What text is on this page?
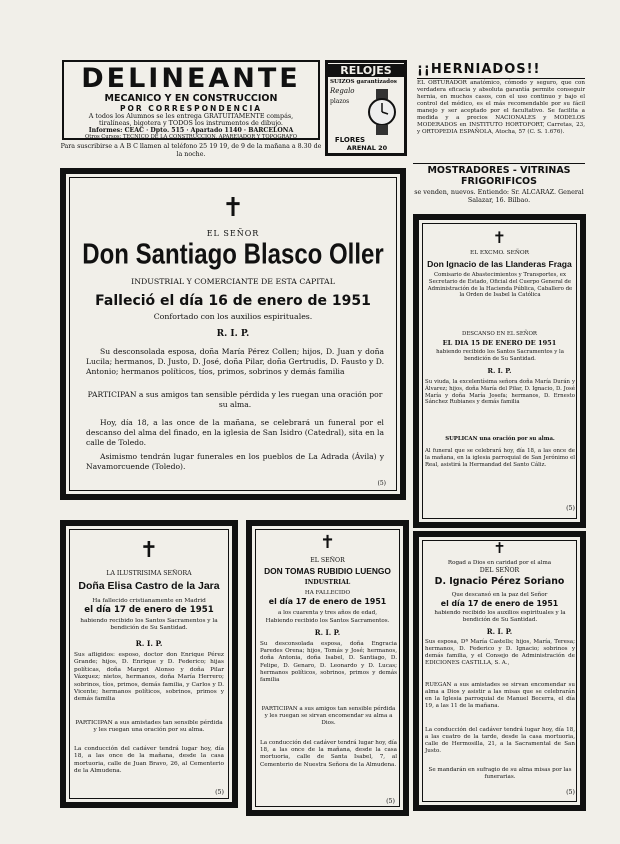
DELINEANTE
MECANICO Y EN CONSTRUCCION
POR CORRESPONDENCIA
A todos los Alumnos se les entrega GRATUITAMENTE compás,
tiralíneas, bigotera y TODOS los instrumentos de dibujo.
Informes: CEAC · Dpto. 515 · Apartado 1140 · BARCELONA
Otros Cursos: TECNICO DE LA CONSTRUCCION, APAREJADOR Y TOPOGRAFO
RELOJES
SUIZOS garantizados
Regalo
plazos
FLORES
ARENAL 20
¡¡HERNIADOS!!
EL OBTURADOR anatómico, cómodo y seguro, que con verdadera eficacia y absoluta garantía permite conseguir hernia, en muchos casos, con el uso continuo y bajo el control del médico, es el más recomendable por su fácil manejo y ser aceptado por el facultativo. Se facilita a medida y a precios NACIONALES y MODELOS MODERADOS en INSTITUTO HORTOFORT, Carretas, 23, y ORTOPEDIA ESPAÑOLA, Atocha, 57 (C. S. 1.676).
Para suscribirse a A B C llamen al teléfono 25 19 19, de 9 de la mañana a 8.30 de la noche.
MOSTRADORES - VITRINAS
FRIGORIFICOS
se venden, nuevos. Entiendo: Sr. ALCARAZ. General Salazar, 16. Bilbao.
✝
EL SEÑOR
Don Santiago Blasco Oller
INDUSTRIAL Y COMERCIANTE DE ESTA CAPITAL
Falleció el día 16 de enero de 1951
Confortado con los auxilios espirituales.
R. I. P.
Su desconsolada esposa, doña María Pérez Collen; hijos, D. Juan y doña Lucila; hermanos, D. Justo, D. José, doña Pilar, doña Gertrudis, D. Fausto y D. Antonio; hermanos políticos, tíos, primos, sobrinos y demás familia
PARTICIPAN a sus amigos tan sensible pérdida y les ruegan una oración por su alma.
Hoy, día 18, a las once de la mañana, se celebrará un funeral por el descanso del alma del finado, en la iglesia de San Isidro (Catedral), sita en la calle de Toledo.
Asimismo tendrán lugar funerales en los pueblos de La Adrada (Ávila) y Navamorcuende (Toledo).
(5)
✝
EL EXCMO. SEÑOR
Don Ignacio de las Llanderas Fraga
Comisario de Abastecimientos y Transportes, ex Secretario de Estado, Oficial del Cuerpo General de Administración de la Hacienda Pública, Caballero de la Orden de Isabel la Católica
DESCANSO EN EL SEÑOR
EL DIA 15 DE ENERO DE 1951
habiendo recibido los Santos Sacramentos y la bendición de Su Santidad.
R. I. P.
Su viuda, la excelentísima señora doña María Durán y Álvarez; hijos, doña María del Pilar, D. Ignacio, D. José María y doña María Josefa; hermanos, D. Ernesto Sánchez Rubianes y demás familia
SUPLICAN una oración por su alma.
Al funeral que se celebrará hoy, día 18, a las once de la mañana, en la iglesia parroquial de San Jerónimo el Real, asistirá la Hermandad del Santo Cáliz.
(5)
✝
LA ILUSTRISIMA SEÑORA
Doña Elisa Castro de la Jara
Ha fallecido cristianamente en Madrid
el día 17 de enero de 1951
habiendo recibido los Santos Sacramentos y la bendición de Su Santidad.
R. I. P.
Sus afligidos: esposo, doctor don Enrique Pérez Grande; hijos, D. Enrique y D. Federico; hijas políticas, doña Margot Alonso y doña Pilar Vázquez; nietos, hermanos, doña María Herrero; sobrinos, tíos, primos, demás familia, y Carlos y D. Vicente; hermanos políticos, sobrinos, primos y demás familia
PARTICIPAN a sus amistades tan sensible pérdida y les ruegan una oración por su alma.
La conducción del cadáver tendrá lugar hoy, día 18, a las once de la mañana, desde la casa mortuoria, calle de Juan Bravo, 26, al Cementerio de la Almudena.
(5)
✝
EL SEÑOR
DON TOMAS RUBIDIO LUENGO
INDUSTRIAL
HA FALLECIDO
el día 17 de enero de 1951
a los cuarenta y tres años de edad,
Habiendo recibido los Santos Sacramentos.
R. I. P.
Su desconsolada esposa, doña Engracia Paredes Orena; hijos, Tomás y José; hermanos, doña Antonia, doña Isabel, D. Santiago, D. Felipe, D. Genaro, D. Leonardo y D. Lucas; hermanos políticos, sobrinos, primos y demás familia
PARTICIPAN a sus amigos tan sensible pérdida y les ruegan se sirvan encomendar su alma a Dios.
La conducción del cadáver tendrá lugar hoy, día 18, a las once de la mañana, desde la casa mortuoria, calle de Santa Isabel, 7, al Cementerio de Nuestra Señora de la Almudena.
(5)
✝
Rogad a Dios en caridad por el alma
DEL SEÑOR
D. Ignacio Pérez Soriano
Que descansó en la paz del Señor
el día 17 de enero de 1951
habiendo recibido los auxilios espirituales y la bendición de Su Santidad.
R. I. P.
Sus esposa, Dª María Castells; hijos, María, Teresa; hermanos, D. Federico y D. Ignacio; sobrinos y demás familia, y el Consejo de Administración de EDICIONES CASTILLA, S. A.,
RUEGAN a sus amistades se sirvan encomendar su alma a Dios y asistir a las misas que se celebrarán en la Iglesia parroquial de Manuel Becerra, el día 19, a las 11 de la mañana.
La conducción del cadáver tendrá lugar hoy, día 18, a las cuatro de la tarde, desde la casa mortuoria, calle de Hermosilla, 21, a la Sacramental de San Justo.
Se mandarán en sufragio de su alma misas por las funerarias.
(5)
